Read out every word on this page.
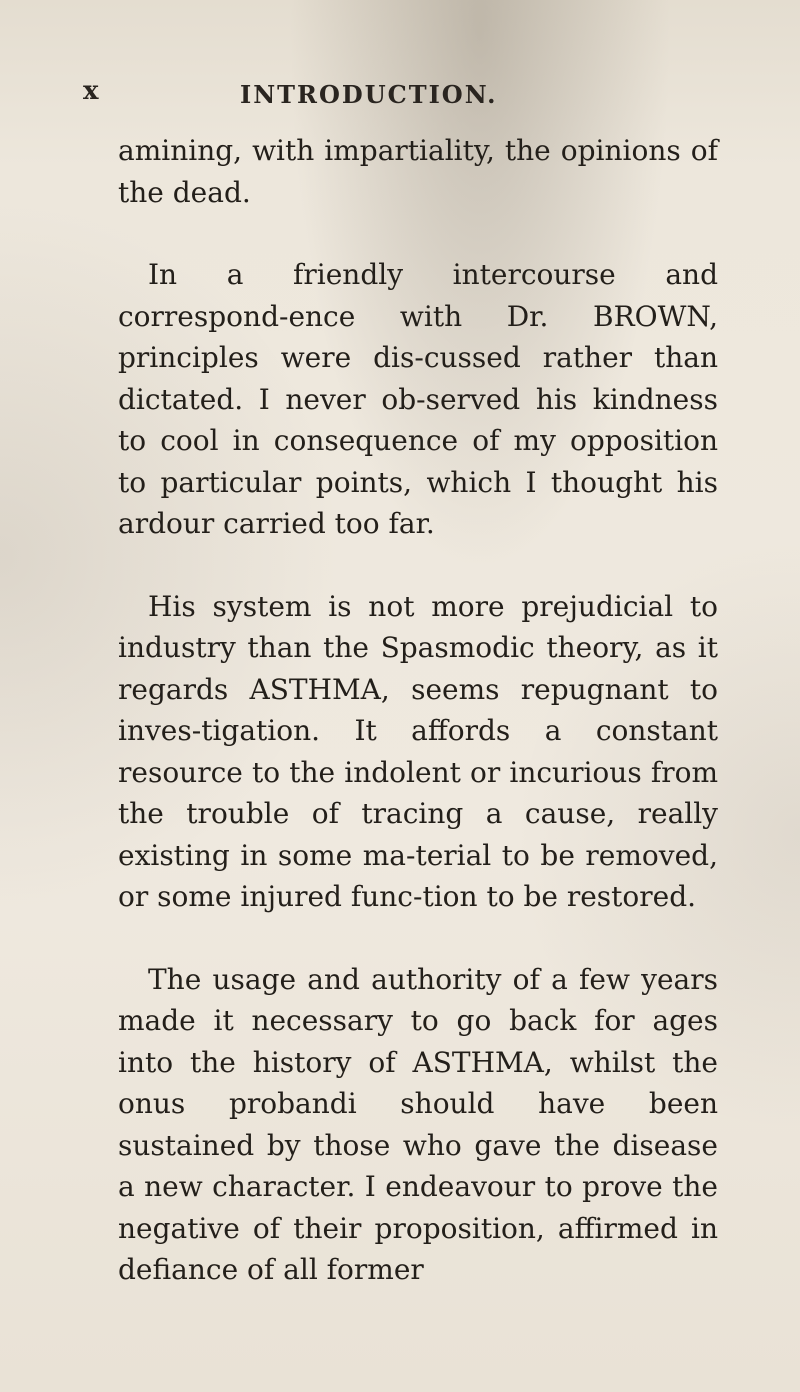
x	INTRODUCTION.

amining, with impartiality, the opinions of the dead.

In a friendly intercourse and correspond-ence with Dr. BROWN, principles were dis-cussed rather than dictated. I never ob-served his kindness to cool in consequence of my opposition to particular points, which I thought his ardour carried too far.

His system is not more prejudicial to industry than the Spasmodic theory, as it regards ASTHMA, seems repugnant to inves-tigation. It affords a constant resource to the indolent or incurious from the trouble of tracing a cause, really existing in some ma-terial to be removed, or some injured func-tion to be restored.

The usage and authority of a few years made it necessary to go back for ages into the history of ASTHMA, whilst the onus probandi should have been sustained by those who gave the disease a new character. I endeavour to prove the negative of their proposition, affirmed in defiance of all former
